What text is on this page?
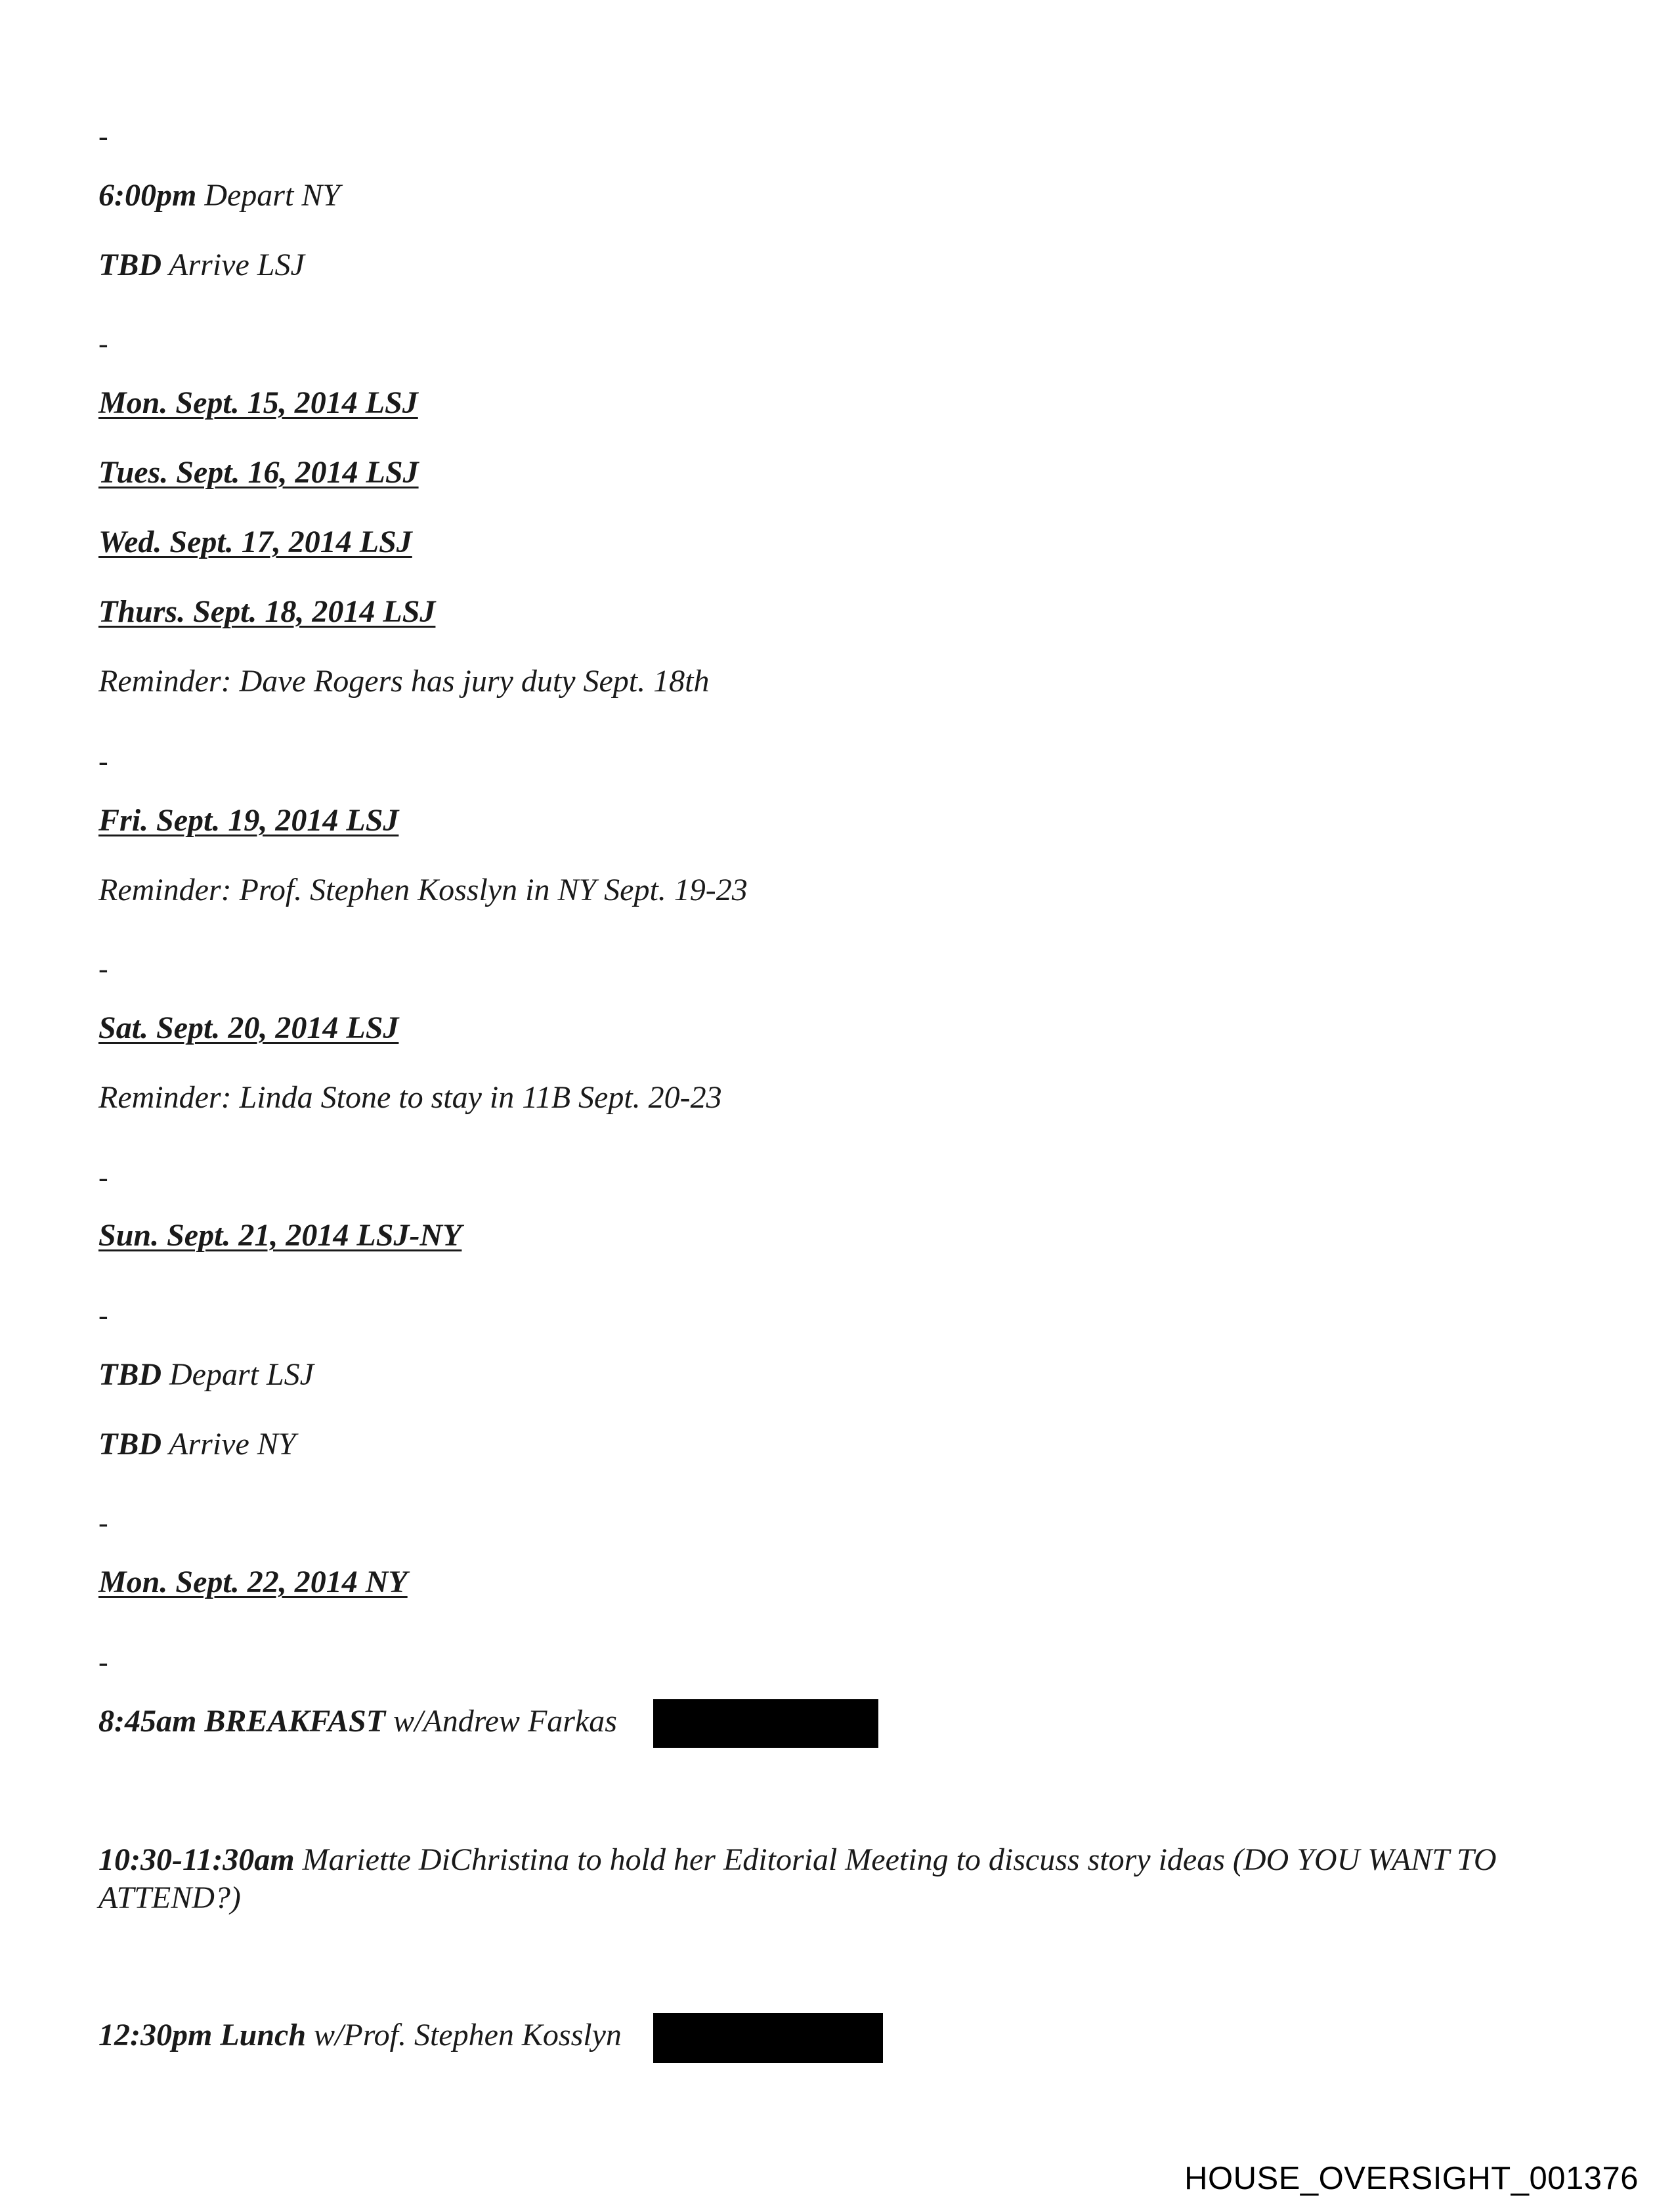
-
6:00pm Depart NY
TBD Arrive LSJ
-
Mon. Sept. 15, 2014 LSJ
Tues. Sept. 16, 2014 LSJ
Wed. Sept. 17, 2014 LSJ
Thurs. Sept. 18, 2014 LSJ
Reminder: Dave Rogers has jury duty Sept. 18th
-
Fri. Sept. 19, 2014 LSJ
Reminder: Prof. Stephen Kosslyn in NY Sept. 19-23
-
Sat. Sept. 20, 2014 LSJ
Reminder: Linda Stone to stay in 11B Sept. 20-23
-
Sun. Sept. 21, 2014 LSJ-NY
-
TBD Depart LSJ
TBD Arrive NY
-
Mon. Sept. 22, 2014 NY
-
8:45am BREAKFAST w/Andrew Farkas
10:30-11:30am Mariette DiChristina to hold her Editorial Meeting to discuss story ideas (DO YOU WANT TO ATTEND?)
12:30pm Lunch w/Prof. Stephen Kosslyn
HOUSE_OVERSIGHT_001376
